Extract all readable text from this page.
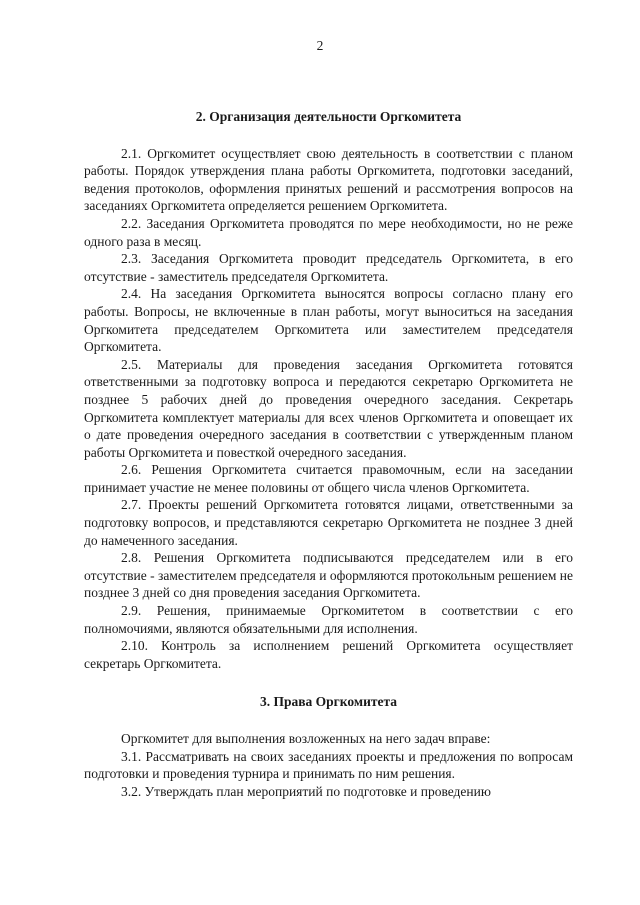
2
2. Организация деятельности Оргкомитета

2.1. Оргкомитет осуществляет свою деятельность в соответствии с планом работы. Порядок утверждения плана работы Оргкомитета, подготовки заседаний, ведения протоколов, оформления принятых решений и рассмотрения вопросов на заседаниях Оргкомитета определяется решением Оргкомитета.

2.2. Заседания Оргкомитета проводятся по мере необходимости, но не реже одного раза в месяц.

2.3. Заседания Оргкомитета проводит председатель Оргкомитета, в его отсутствие - заместитель председателя Оргкомитета.

2.4. На заседания Оргкомитета выносятся вопросы согласно плану его работы. Вопросы, не включенные в план работы, могут выноситься на заседания Оргкомитета председателем Оргкомитета или заместителем председателя Оргкомитета.

2.5. Материалы для проведения заседания Оргкомитета готовятся ответственными за подготовку вопроса и передаются секретарю Оргкомитета не позднее 5 рабочих дней до проведения очередного заседания. Секретарь Оргкомитета комплектует материалы для всех членов Оргкомитета и оповещает их о дате проведения очередного заседания в соответствии с утвержденным планом работы Оргкомитета и повесткой очередного заседания.

2.6. Решения Оргкомитета считается правомочным, если на заседании принимает участие не менее половины от общего числа членов Оргкомитета.

2.7. Проекты решений Оргкомитета готовятся лицами, ответственными за подготовку вопросов, и представляются секретарю Оргкомитета не позднее 3 дней до намеченного заседания.

2.8. Решения Оргкомитета подписываются председателем или в его отсутствие - заместителем председателя и оформляются протокольным решением не позднее 3 дней со дня проведения заседания Оргкомитета.

2.9. Решения, принимаемые Оргкомитетом в соответствии с его полномочиями, являются обязательными для исполнения.

2.10. Контроль за исполнением решений Оргкомитета осуществляет секретарь Оргкомитета.

3. Права Оргкомитета

Оргкомитет для выполнения возложенных на него задач вправе:

3.1. Рассматривать на своих заседаниях проекты и предложения по вопросам подготовки и проведения турнира и принимать по ним решения.

3.2. Утверждать план мероприятий по подготовке и проведению
